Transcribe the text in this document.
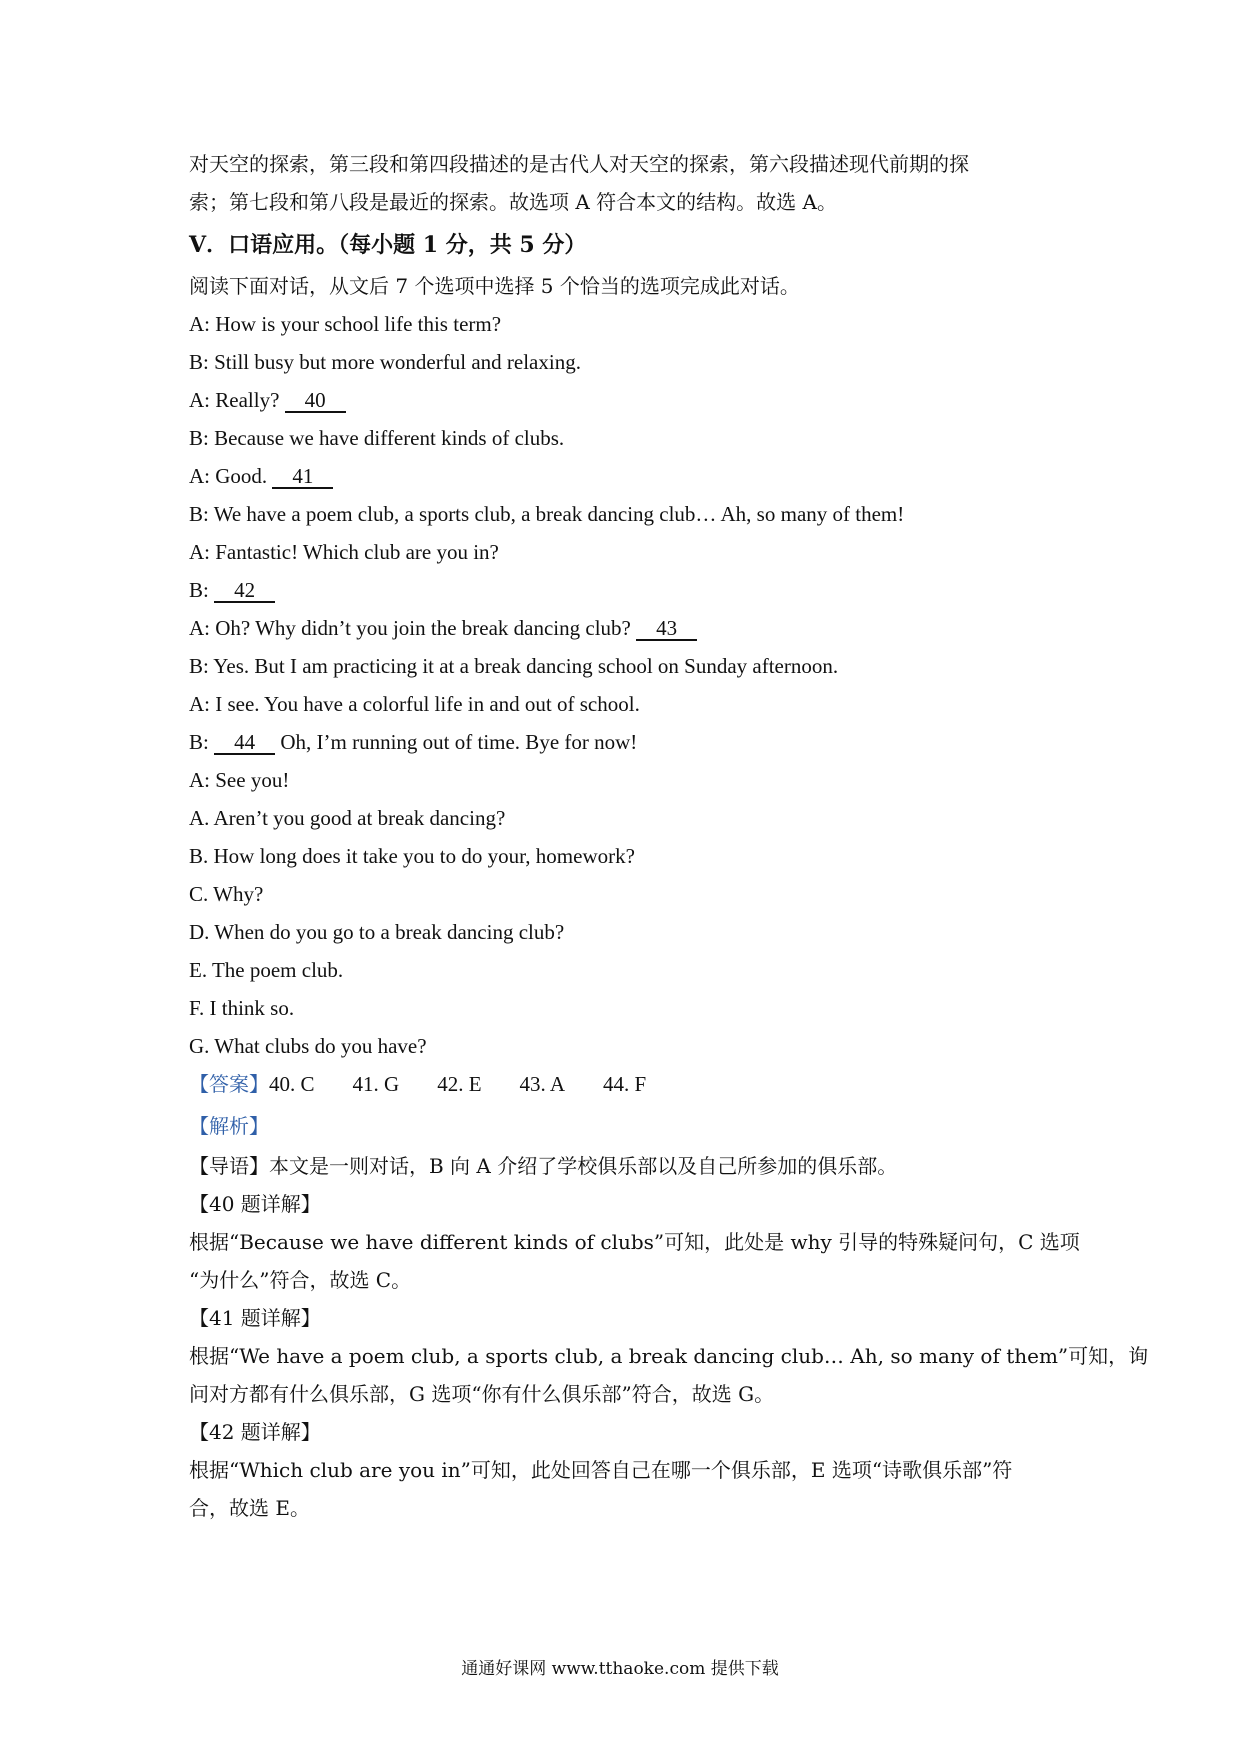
对天空的探索，第三段和第四段描述的是古代人对天空的探索，第六段描述现代前期的探
索；第七段和第八段是最近的探索。故选项 A 符合本文的结构。故选 A。
V．口语应用。（每小题 1 分，共 5 分）
阅读下面对话，从文后 7 个选项中选择 5 个恰当的选项完成此对话。
A: How is your school life this term?
B: Still busy but more wonderful and relaxing.
A: Really? 40
B: Because we have different kinds of clubs.
A: Good. 41
B: We have a poem club, a sports club, a break dancing club… Ah, so many of them!
A: Fantastic! Which club are you in?
B: 42
A: Oh? Why didn’t you join the break dancing club? 43
B: Yes. But I am practicing it at a break dancing school on Sunday afternoon.
A: I see. You have a colorful life in and out of school.
B: 44 Oh, I’m running out of time. Bye for now!
A: See you!
A. Aren’t you good at break dancing?
B. How long does it take you to do your, homework?
C. Why?
D. When do you go to a break dancing club?
E. The poem club.
F. I think so.
G. What clubs do you have?
【答案】40. C 41. G 42. E 43. A 44. F
【解析】
【导语】本文是一则对话，B 向 A 介绍了学校俱乐部以及自己所参加的俱乐部。
【40 题详解】
根据“Because we have different kinds of clubs”可知，此处是 why 引导的特殊疑问句，C 选项
“为什么”符合，故选 C。
【41 题详解】
根据“We have a poem club, a sports club, a break dancing club… Ah, so many of them”可知，询
问对方都有什么俱乐部，G 选项“你有什么俱乐部”符合，故选 G。
【42 题详解】
根据“Which club are you in”可知，此处回答自己在哪一个俱乐部，E 选项“诗歌俱乐部”符
合，故选 E。
通通好课网 www.tthaoke.com 提供下载
